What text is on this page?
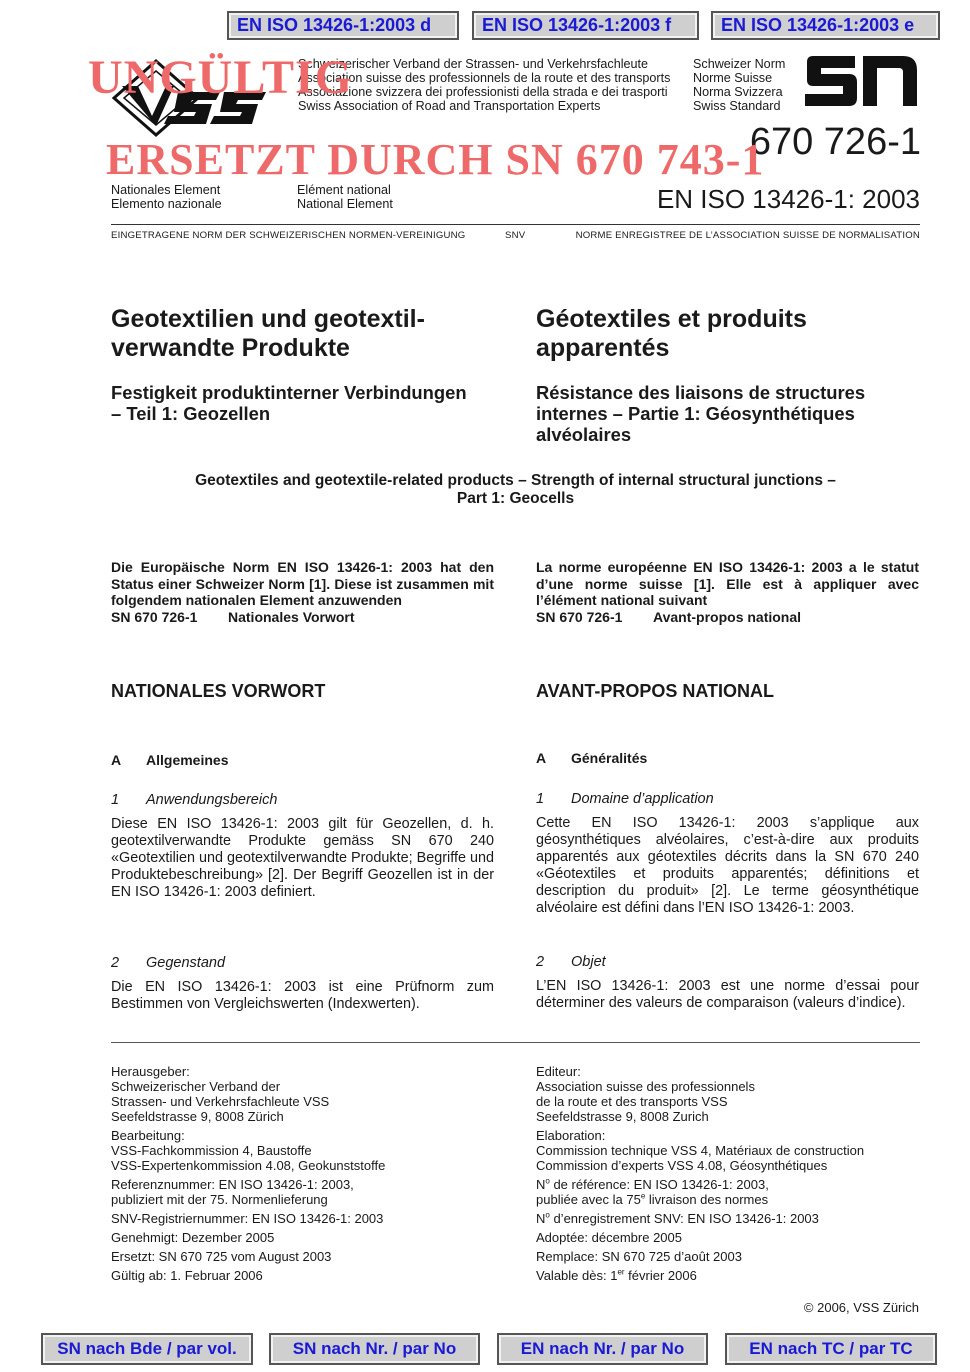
EN ISO 13426-1:2003 d	EN ISO 13426-1:2003 f	EN ISO 13426-1:2003 e
Schweizerischer Verband der Strassen- und Verkehrsfachleute
Association suisse des professionnels de la route et des transports
Associazione svizzera dei professionisti della strada e dei trasporti
Swiss Association of Road and Transportation Experts
Schweizer Norm
Norme Suisse
Norma Svizzera
Swiss Standard
670 726-1
EN ISO 13426-1: 2003
Nationales Element
Elemento nazionale
Elément national
National Element
EINGETRAGENE NORM DER SCHWEIZERISCHEN NORMEN-VEREINIGUNG	SNV	NORME ENREGISTREE DE L’ASSOCIATION SUISSE DE NORMALISATION
UNGÜLTIG
ERSETZT DURCH SN 670 743-1
Geotextilien und geotextil-
verwandte Produkte
Festigkeit produktinterner Verbindungen
– Teil 1: Geozellen
Géotextiles et produits
apparentés
Résistance des liaisons de structures
internes – Partie 1: Géosynthétiques
alvéolaires
Geotextiles and geotextile-related products – Strength of internal structural junctions –
Part 1: Geocells
Die Europäische Norm EN ISO 13426-1: 2003 hat den Status einer Schweizer Norm [1]. Diese ist zusammen mit folgendem nationalen Element anzuwenden
SN 670 726-1 Nationales Vorwort
La norme européenne EN ISO 13426-1: 2003 a le statut d’une norme suisse [1]. Elle est à appliquer avec l’élément national suivant
SN 670 726-1 Avant-propos national
NATIONALES VORWORT
A Allgemeines
1 Anwendungsbereich
Diese EN ISO 13426-1: 2003 gilt für Geozellen, d. h. geotextilverwandte Produkte gemäss SN 670 240 «Geotextilien und geotextilverwandte Produkte; Begriffe und Produktebeschreibung» [2]. Der Begriff Geozellen ist in der EN ISO 13426-1: 2003 definiert.
2 Gegenstand
Die EN ISO 13426-1: 2003 ist eine Prüfnorm zum Bestimmen von Vergleichswerten (Indexwerten).
AVANT-PROPOS NATIONAL
A Généralités
1 Domaine d’application
Cette EN ISO 13426-1: 2003 s’applique aux géosynthétiques alvéolaires, c’est-à-dire aux produits apparentés aux géotextiles décrits dans la SN 670 240 «Géotextiles et produits apparentés; définitions et description du produit» [2]. Le terme géosynthétique alvéolaire est défini dans l’EN ISO 13426-1: 2003.
2 Objet
L’EN ISO 13426-1: 2003 est une norme d’essai pour déterminer des valeurs de comparaison (valeurs d’indice).
Herausgeber:
Schweizerischer Verband der
Strassen- und Verkehrsfachleute VSS
Seefeldstrasse 9, 8008 Zürich
Bearbeitung:
VSS-Fachkommission 4, Baustoffe
VSS-Expertenkommission 4.08, Geokunststoffe
Referenznummer: EN ISO 13426-1: 2003,
publiziert mit der 75. Normenlieferung
SNV-Registriernummer: EN ISO 13426-1: 2003
Genehmigt: Dezember 2005
Ersetzt: SN 670 725 vom August 2003
Gültig ab: 1. Februar 2006
Editeur:
Association suisse des professionnels
de la route et des transports VSS
Seefeldstrasse 9, 8008 Zurich
Elaboration:
Commission technique VSS 4, Matériaux de construction
Commission d’experts VSS 4.08, Géosynthétiques
$N^o$ de référence: EN ISO 13426-1: 2003,
publiée avec la 75e livraison des normes
$N^o$ d’enregistrement SNV: EN ISO 13426-1: 2003
Adoptée: décembre 2005
Remplace: SN 670 725 d’août 2003
Valable dès: 1er février 2006
© 2006, VSS Zürich
SN nach Bde / par vol.	SN nach Nr. / par No	EN nach Nr. / par No	EN nach TC / par TC
